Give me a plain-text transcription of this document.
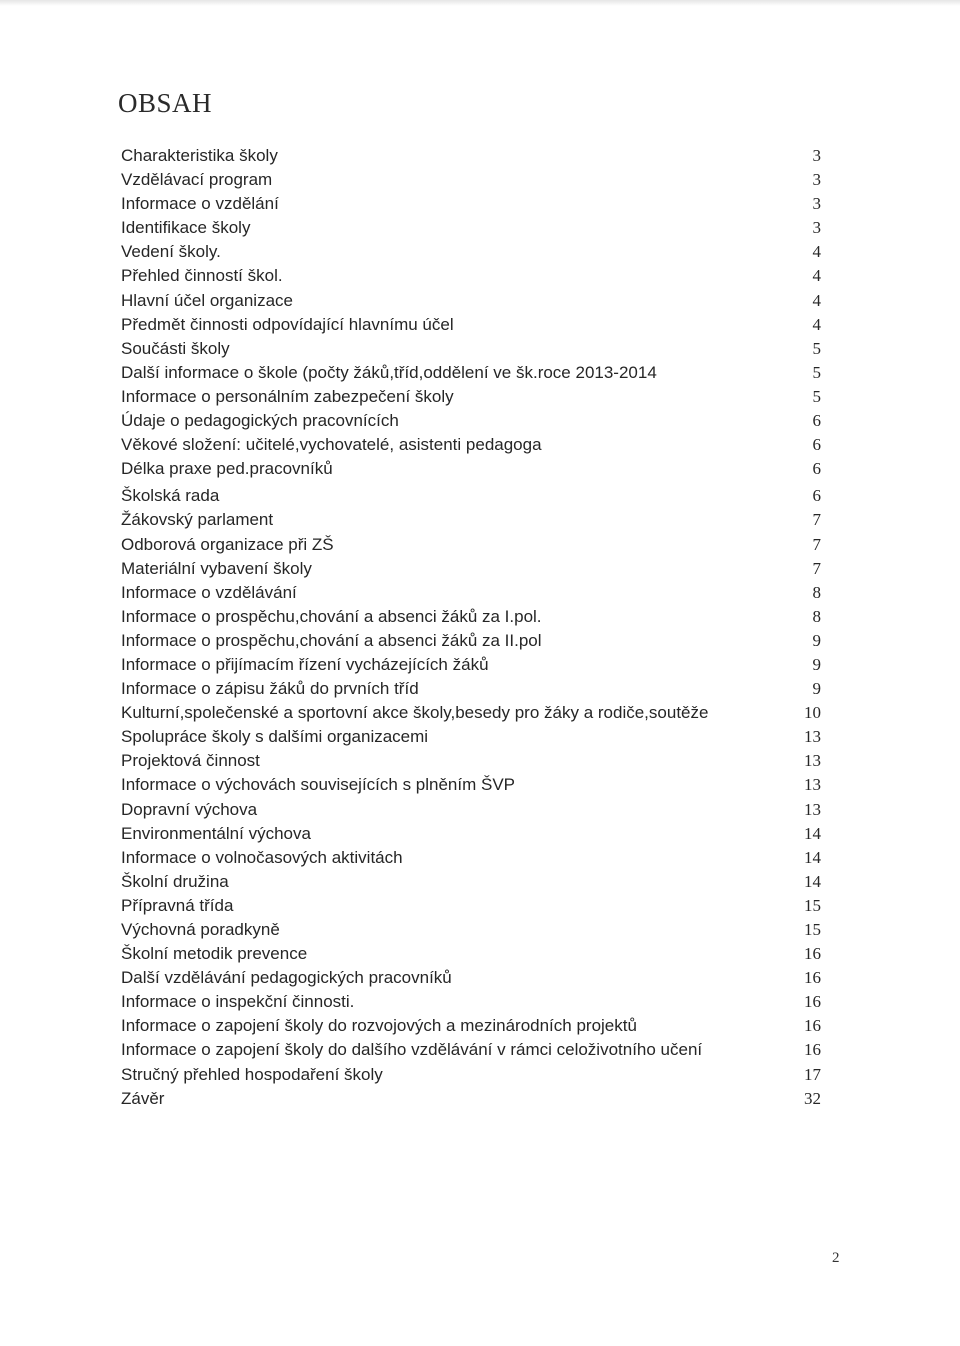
OBSAH
Charakteristika školy	3
Vzdělávací program	3
Informace o vzdělání	3
Identifikace školy	3
Vedení školy.	4
Přehled činností škol.	4
Hlavní účel organizace	4
Předmět činnosti odpovídající hlavnímu účel	4
Součásti školy	5
Další informace o škole (počty žáků,tříd,oddělení ve šk.roce 2013-2014	5
Informace o personálním zabezpečení školy	5
Údaje o pedagogických pracovnících	6
Věkové složení: učitelé,vychovatelé, asistenti pedagoga	6
Délka praxe ped.pracovníků	6
Školská rada	6
Žákovský parlament	7
Odborová organizace při ZŠ	7
Materiální vybavení školy	7
Informace o vzdělávání	8
Informace o prospěchu,chování a absenci žáků za I.pol.	8
Informace o prospěchu,chování a absenci žáků za II.pol	9
Informace o přijímacím řízení vycházejících žáků	9
Informace o zápisu žáků do prvních tříd	9
Kulturní,společenské a sportovní akce školy,besedy pro žáky a rodiče,soutěže	10
Spolupráce školy s dalšími organizacemi	13
Projektová činnost	13
Informace o výchovách souvisejících s plněním ŠVP	13
Dopravní výchova	13
Environmentální výchova	14
Informace o volnočasových aktivitách	14
Školní družina	14
Přípravná třída	15
Výchovná poradkyně	15
Školní metodik prevence	16
Další vzdělávání pedagogických pracovníků	16
Informace o inspekční činnosti.	16
Informace o zapojení školy do rozvojových a mezinárodních projektů	16
Informace o zapojení školy do dalšího vzdělávání v rámci celoživotního učení	16
Stručný přehled hospodaření školy	17
Závěr	32
2
